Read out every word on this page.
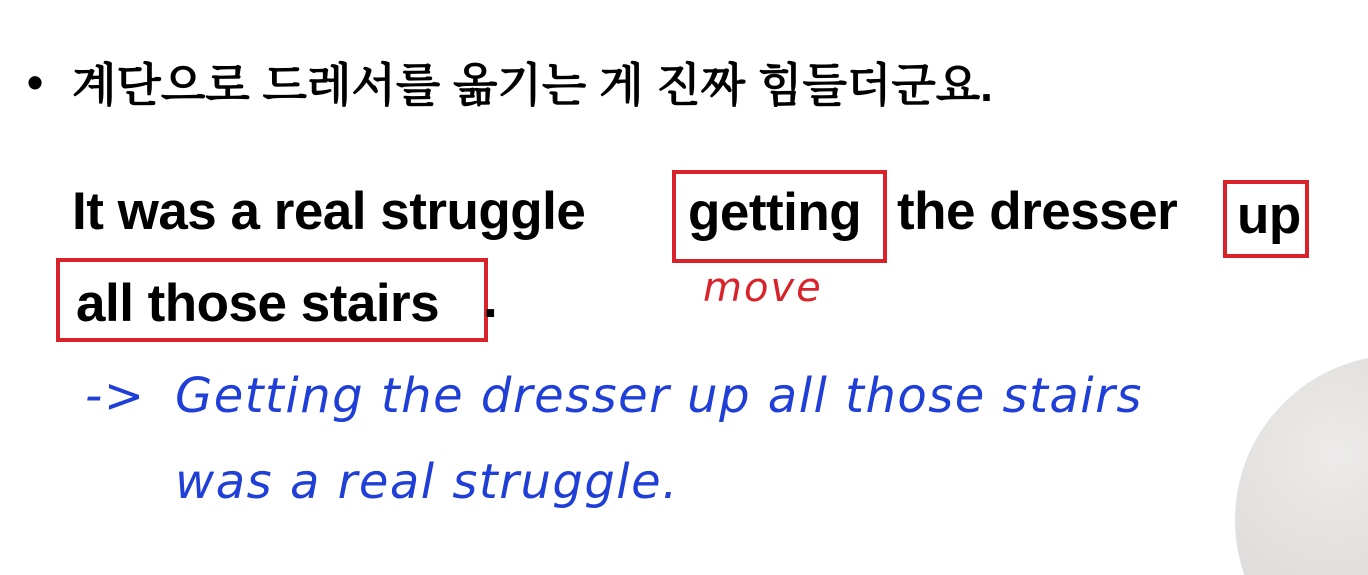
• 계단으로 드레서를 옮기는 게 진짜 힘들더군요.
It was a real struggle	getting the dresser up
all those stairs .	move
-> Getting the dresser up all those stairs
was a real struggle.
